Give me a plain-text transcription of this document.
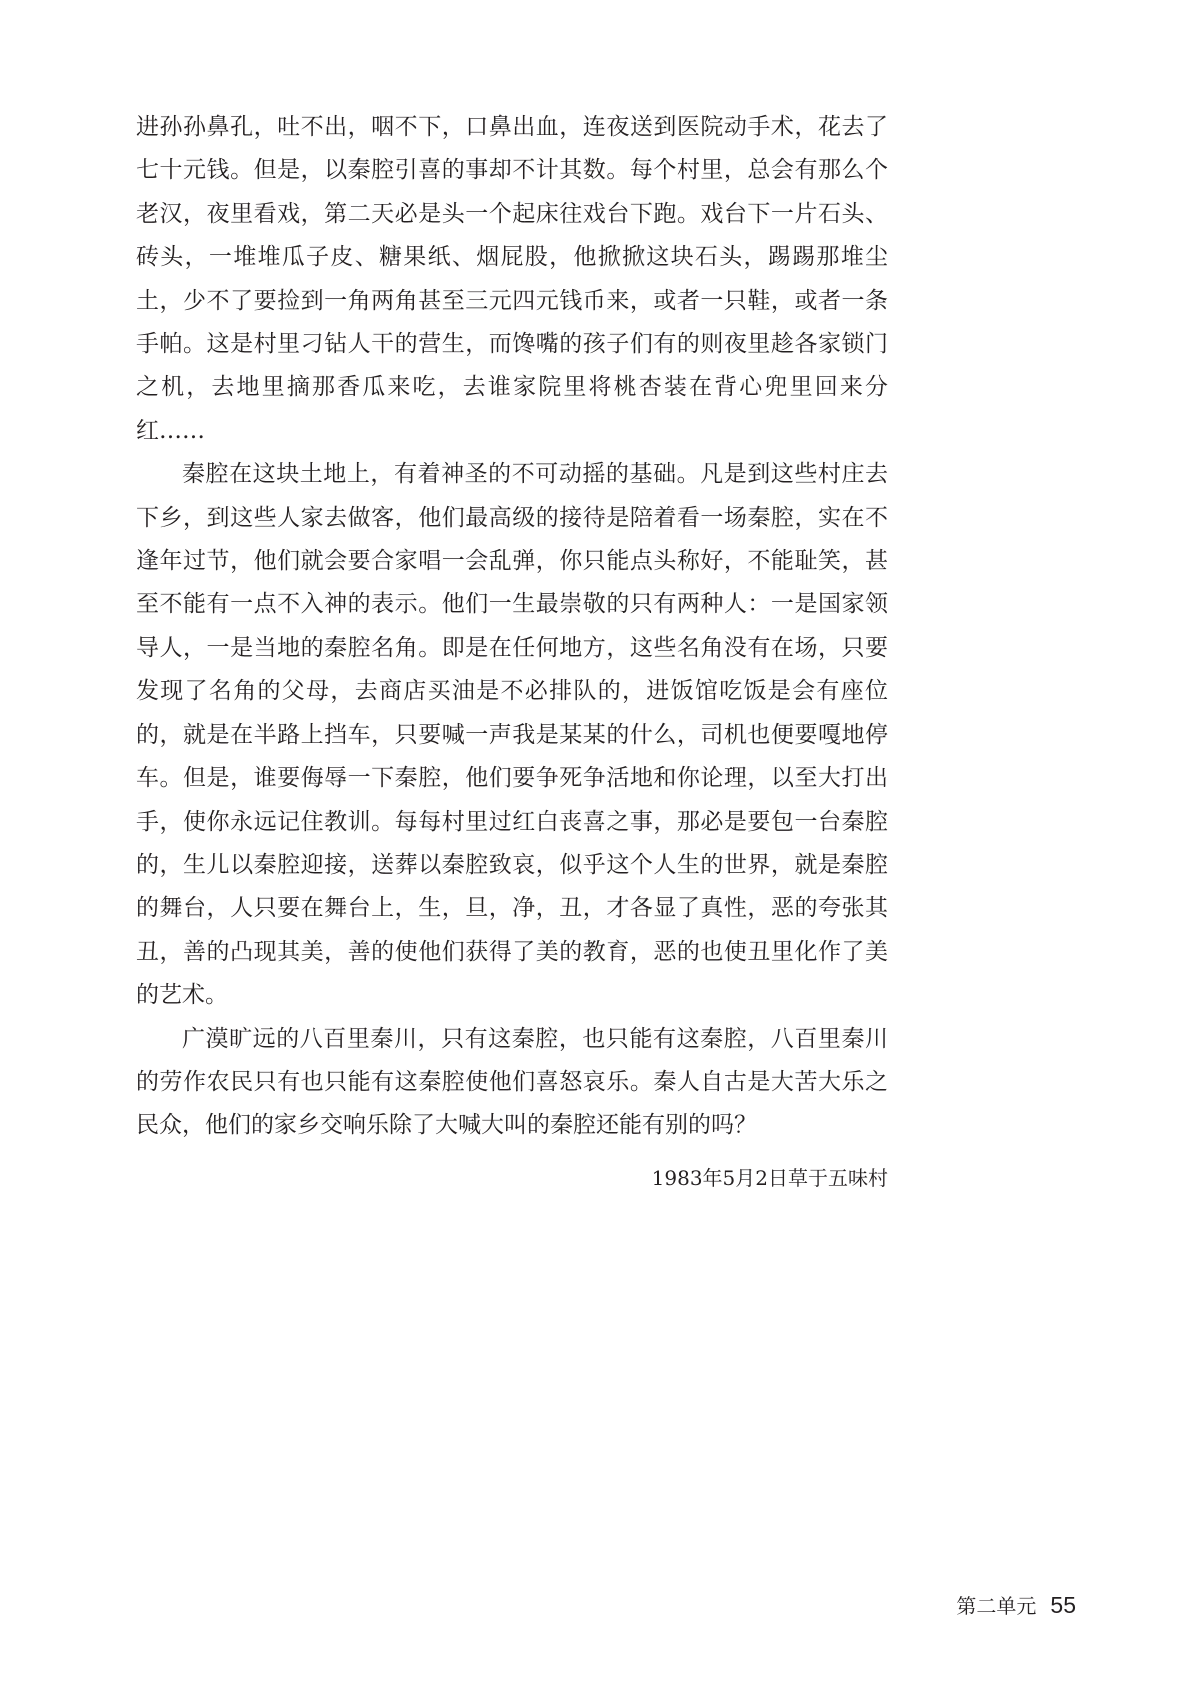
进孙孙鼻孔，吐不出，咽不下，口鼻出血，连夜送到医院动手术，花去了七十元钱。但是，以秦腔引喜的事却不计其数。每个村里，总会有那么个老汉，夜里看戏，第二天必是头一个起床往戏台下跑。戏台下一片石头、砖头，一堆堆瓜子皮、糖果纸、烟屁股，他掀掀这块石头，踢踢那堆尘土，少不了要捡到一角两角甚至三元四元钱币来，或者一只鞋，或者一条手帕。这是村里刁钻人干的营生，而馋嘴的孩子们有的则夜里趁各家锁门之机，去地里摘那香瓜来吃，去谁家院里将桃杏装在背心兜里回来分红……

秦腔在这块土地上，有着神圣的不可动摇的基础。凡是到这些村庄去下乡，到这些人家去做客，他们最高级的接待是陪着看一场秦腔，实在不逢年过节，他们就会要合家唱一会乱弹，你只能点头称好，不能耻笑，甚至不能有一点不入神的表示。他们一生最崇敬的只有两种人：一是国家领导人，一是当地的秦腔名角。即是在任何地方，这些名角没有在场，只要发现了名角的父母，去商店买油是不必排队的，进饭馆吃饭是会有座位的，就是在半路上挡车，只要喊一声我是某某的什么，司机也便要嘎地停车。但是，谁要侮辱一下秦腔，他们要争死争活地和你论理，以至大打出手，使你永远记住教训。每每村里过红白丧喜之事，那必是要包一台秦腔的，生儿以秦腔迎接，送葬以秦腔致哀，似乎这个人生的世界，就是秦腔的舞台，人只要在舞台上，生，旦，净，丑，才各显了真性，恶的夸张其丑，善的凸现其美，善的使他们获得了美的教育，恶的也使丑里化作了美的艺术。

广漠旷远的八百里秦川，只有这秦腔，也只能有这秦腔，八百里秦川的劳作农民只有也只能有这秦腔使他们喜怒哀乐。秦人自古是大苦大乐之民众，他们的家乡交响乐除了大喊大叫的秦腔还能有别的吗？

1983年5月2日草于五味村
第二单元 55
